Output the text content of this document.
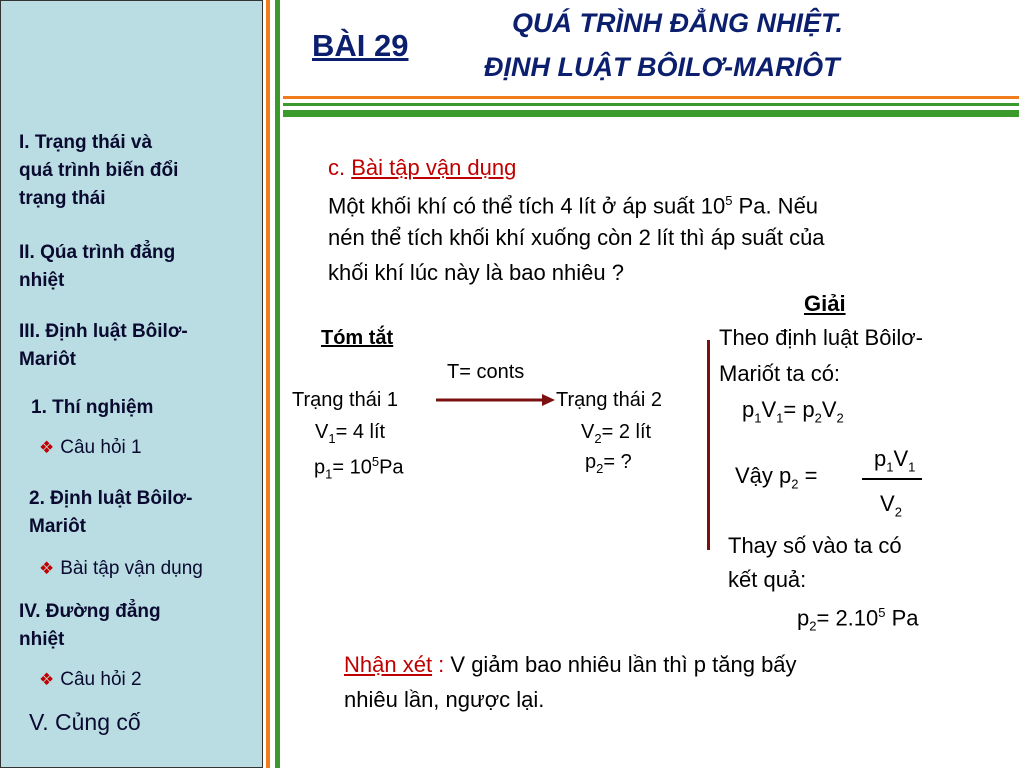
I. Trạng thái và
quá trình biến đổi
trạng thái
II. Qúa trình đẳng
nhiệt
III. Định luật Bôilơ-
Mariôt
1. Thí nghiệm
❖ Câu hỏi 1
2. Định luật Bôilơ-
Mariôt
❖ Bài tập vận dụng
IV. Đường đẳng
nhiệt
❖ Câu hỏi 2
V. Củng cố
BÀI 29
QUÁ TRÌNH ĐẲNG NHIỆT.
ĐỊNH LUẬT BÔILƠ-MARIÔT
c. Bài tập vận dụng
Một khối khí có thể tích 4 lít ở áp suất $10^5$ Pa. Nếu
nén thể tích khối khí xuống còn 2 lít thì áp suất của
khối khí lúc này là bao nhiêu ?
Tóm tắt
T= conts
Trạng thái 1	Trạng thái 2
$V_1= 4$ lít
$p_1= 10^5Pa$
$V_2= 2$ lít
$p_2=$ ?
Giải
Theo định luật Bôilơ-
Mariốt ta có:
$p_1V_1= p_2V_2$
Vậy $p_2$ =
$p_1V_1$
$V_2$
Thay số vào ta có
kết quả:
$p_2= 2.10^5$ Pa
Nhận xét : V giảm bao nhiêu lần thì p tăng bấy
nhiêu lần, ngược lại.
